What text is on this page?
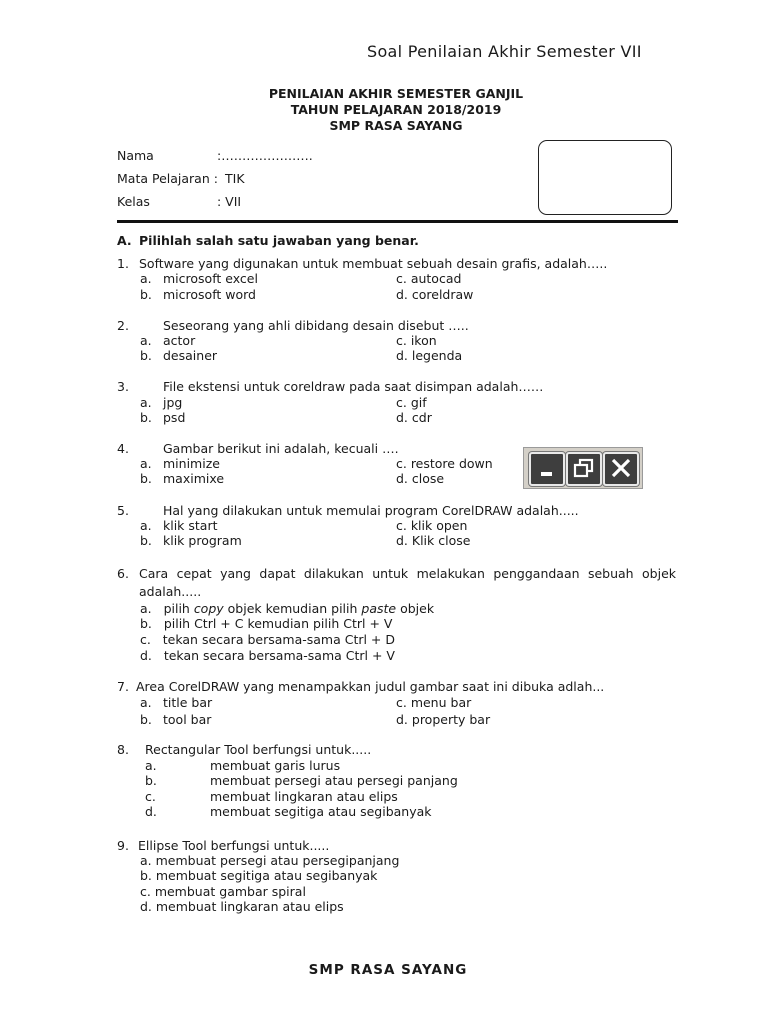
Soal Penilaian Akhir Semester VII
PENILAIAN AKHIR SEMESTER GANJIL
TAHUN PELAJARAN 2018/2019
SMP RASA SAYANG
Nama	:………………….
Mata Pelajaran : TIK
Kelas	: VII
A. Pilihlah salah satu jawaban yang benar.
1. Software yang digunakan untuk membuat sebuah desain grafis, adalah…..
a. microsoft excel
b. microsoft word
c. autocad
d. coreldraw
2.	Seseorang yang ahli dibidang desain disebut …..
a. actor
b. desainer
c. ikon
d. legenda
3.	File ekstensi untuk coreldraw pada saat disimpan adalah……
a. jpg
b. psd
c. gif
d. cdr
4.	Gambar berikut ini adalah, kecuali ….
a. minimize
b. maximixe
c. restore down
d. close
5.	Hal yang dilakukan untuk memulai program CorelDRAW adalah.....
a. klik start
b. klik program
c. klik open
d. Klik close
6. Cara cepat yang dapat dilakukan untuk melakukan penggandaan sebuah objek
adalah.....
a.   pilih copy objek kemudian pilih paste objek
b.   pilih Ctrl + C kemudian pilih Ctrl + V
c.   tekan secara bersama-sama Ctrl + D
d.   tekan secara bersama-sama Ctrl + V
7. Area CorelDRAW yang menampakkan judul gambar saat ini dibuka adlah...
a. title bar
b. tool bar
c. menu bar
d. property bar
8. Rectangular Tool berfungsi untuk.....
a.	membuat garis lurus
b.	membuat persegi atau persegi panjang
c.	membuat lingkaran atau elips
d.	membuat segitiga atau segibanyak
9. Ellipse Tool berfungsi untuk.....
a. membuat persegi atau persegipanjang
b. membuat segitiga atau segibanyak
c. membuat gambar spiral
d. membuat lingkaran atau elips
SMP RASA SAYANG
